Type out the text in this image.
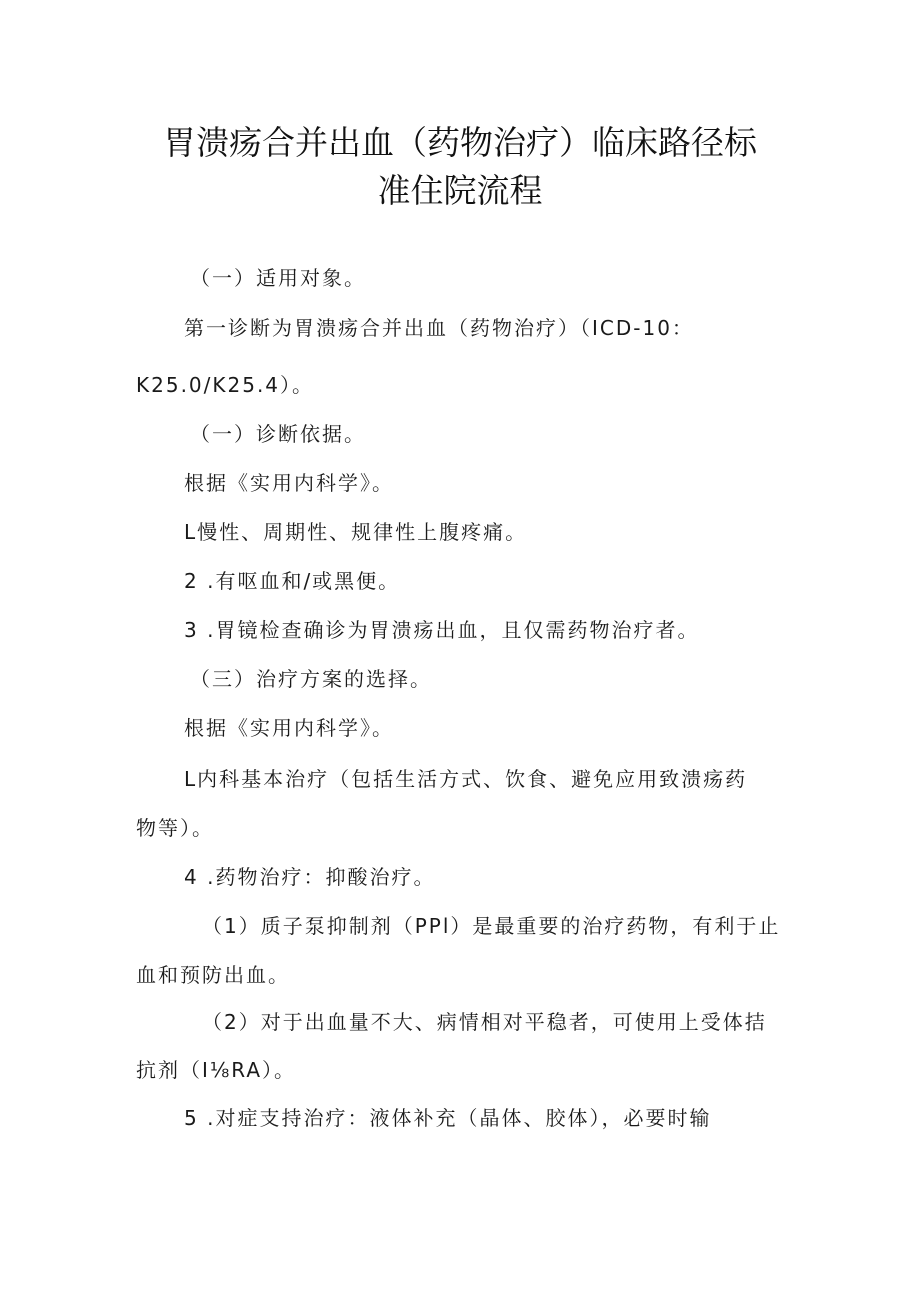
胃溃疡合并出血（药物治疗）临床路径标
准住院流程
（一）适用对象。
第一诊断为胃溃疡合并出血（药物治疗）（ICD-10：
K25.0/K25.4）。
（一）诊断依据。
根据《实用内科学》。
L慢性、周期性、规律性上腹疼痛。
2 .有呕血和/或黑便。
3 .胃镜检查确诊为胃溃疡出血，且仅需药物治疗者。
（三）治疗方案的选择。
根据《实用内科学》。
L内科基本治疗（包括生活方式、饮食、避免应用致溃疡药
物等）。
4 .药物治疗：抑酸治疗。
（1）质子泵抑制剂（PPl）是最重要的治疗药物，有利于止
血和预防出血。
（2）对于出血量不大、病情相对平稳者，可使用上受体拮
抗剂（I⅛RA）。
5 .对症支持治疗：液体补充（晶体、胶体），必要时输
